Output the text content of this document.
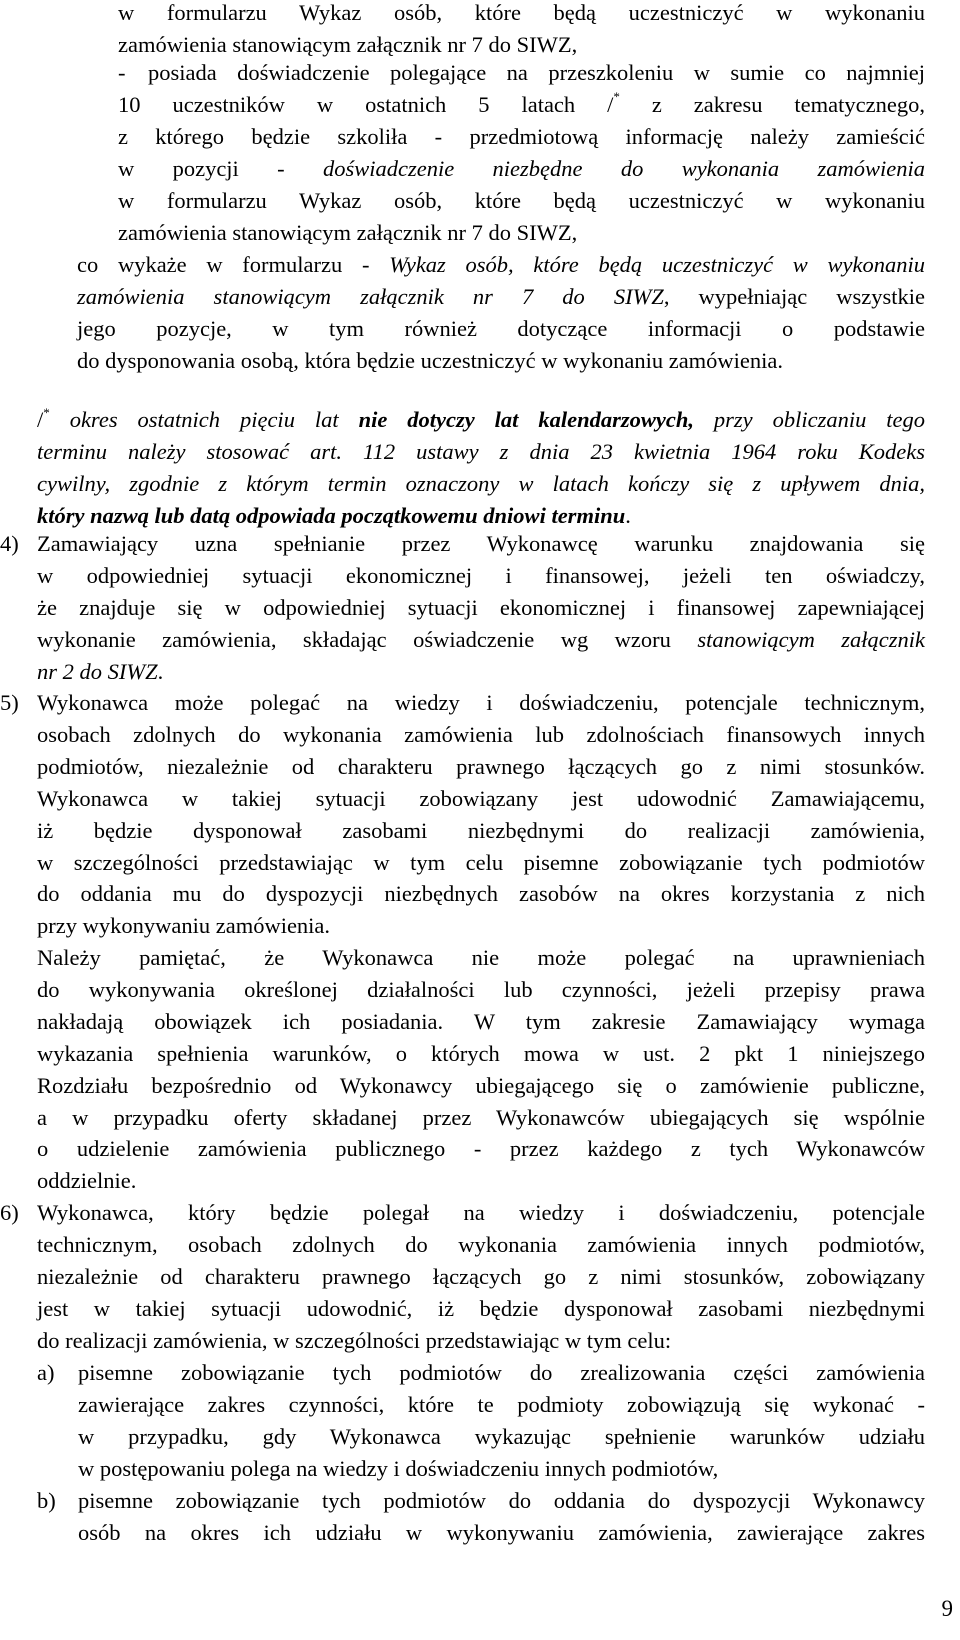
w formularzu Wykaz osób, które będą uczestniczyć w wykonaniu
zamówienia stanowiącym załącznik nr 7 do SIWZ,

-	posiada doświadczenie polegające na przeszkoleniu w sumie co najmniej
10 uczestników w ostatnich 5 latach /* z zakresu tematycznego,
z którego będzie szkoliła - przedmiotową informację należy zamieścić
w pozycji - doświadczenie niezbędne do wykonania zamówienia
w formularzu Wykaz osób, które będą uczestniczyć w wykonaniu
zamówienia stanowiącym załącznik nr 7 do SIWZ,
co wykaże w formularzu - Wykaz osób, które będą uczestniczyć w wykonaniu
zamówienia stanowiącym załącznik nr 7 do SIWZ, wypełniając wszystkie
jego pozycje, w tym również dotyczące informacji o podstawie
do dysponowania osobą, która będzie uczestniczyć w wykonaniu zamówienia.
/* okres ostatnich pięciu lat nie dotyczy lat kalendarzowych, przy obliczaniu tego
terminu należy stosować art. 112 ustawy z dnia 23 kwietnia 1964 roku Kodeks
cywilny, zgodnie z którym termin oznaczony w latach kończy się z upływem dnia,
który nazwą lub datą odpowiada początkowemu dniowi terminu.

4) Zamawiający uzna spełnianie przez Wykonawcę warunku znajdowania się
w odpowiedniej sytuacji ekonomicznej i finansowej, jeżeli ten oświadczy,
że znajduje się w odpowiedniej sytuacji ekonomicznej i finansowej zapewniającej
wykonanie zamówienia, składając oświadczenie wg wzoru stanowiącym załącznik
nr 2 do SIWZ.

5) Wykonawca może polegać na wiedzy i doświadczeniu, potencjale technicznym,
osobach zdolnych do wykonania zamówienia lub zdolnościach finansowych innych
podmiotów, niezależnie od charakteru prawnego łączących go z nimi stosunków.
Wykonawca w takiej sytuacji zobowiązany jest udowodnić Zamawiającemu,
iż będzie dysponował zasobami niezbędnymi do realizacji zamówienia,
w szczególności przedstawiając w tym celu pisemne zobowiązanie tych podmiotów
do oddania mu do dyspozycji niezbędnych zasobów na okres korzystania z nich
przy wykonywaniu zamówienia.
Należy pamiętać, że Wykonawca nie może polegać na uprawnieniach
do wykonywania określonej działalności lub czynności, jeżeli przepisy prawa
nakładają obowiązek ich posiadania. W tym zakresie Zamawiający wymaga
wykazania spełnienia warunków, o których mowa w ust. 2 pkt 1 niniejszego
Rozdziału bezpośrednio od Wykonawcy ubiegającego się o zamówienie publiczne,
a w przypadku oferty składanej przez Wykonawców ubiegających się wspólnie
o udzielenie zamówienia publicznego - przez każdego z tych Wykonawców
oddzielnie.

6) Wykonawca, który będzie polegał na wiedzy i doświadczeniu, potencjale
technicznym, osobach zdolnych do wykonania zamówienia innych podmiotów,
niezależnie od charakteru prawnego łączących go z nimi stosunków, zobowiązany
jest w takiej sytuacji udowodnić, iż będzie dysponował zasobami niezbędnymi
do realizacji zamówienia, w szczególności przedstawiając w tym celu:

a) pisemne zobowiązanie tych podmiotów do zrealizowania części zamówienia
zawierające zakres czynności, które te podmioty zobowiązują się wykonać -
w przypadku, gdy Wykonawca wykazując spełnienie warunków udziału
w postępowaniu polega na wiedzy i doświadczeniu innych podmiotów,

b) pisemne zobowiązanie tych podmiotów do oddania do dyspozycji Wykonawcy
osób na okres ich udziału w wykonywaniu zamówienia, zawierające zakres
9
